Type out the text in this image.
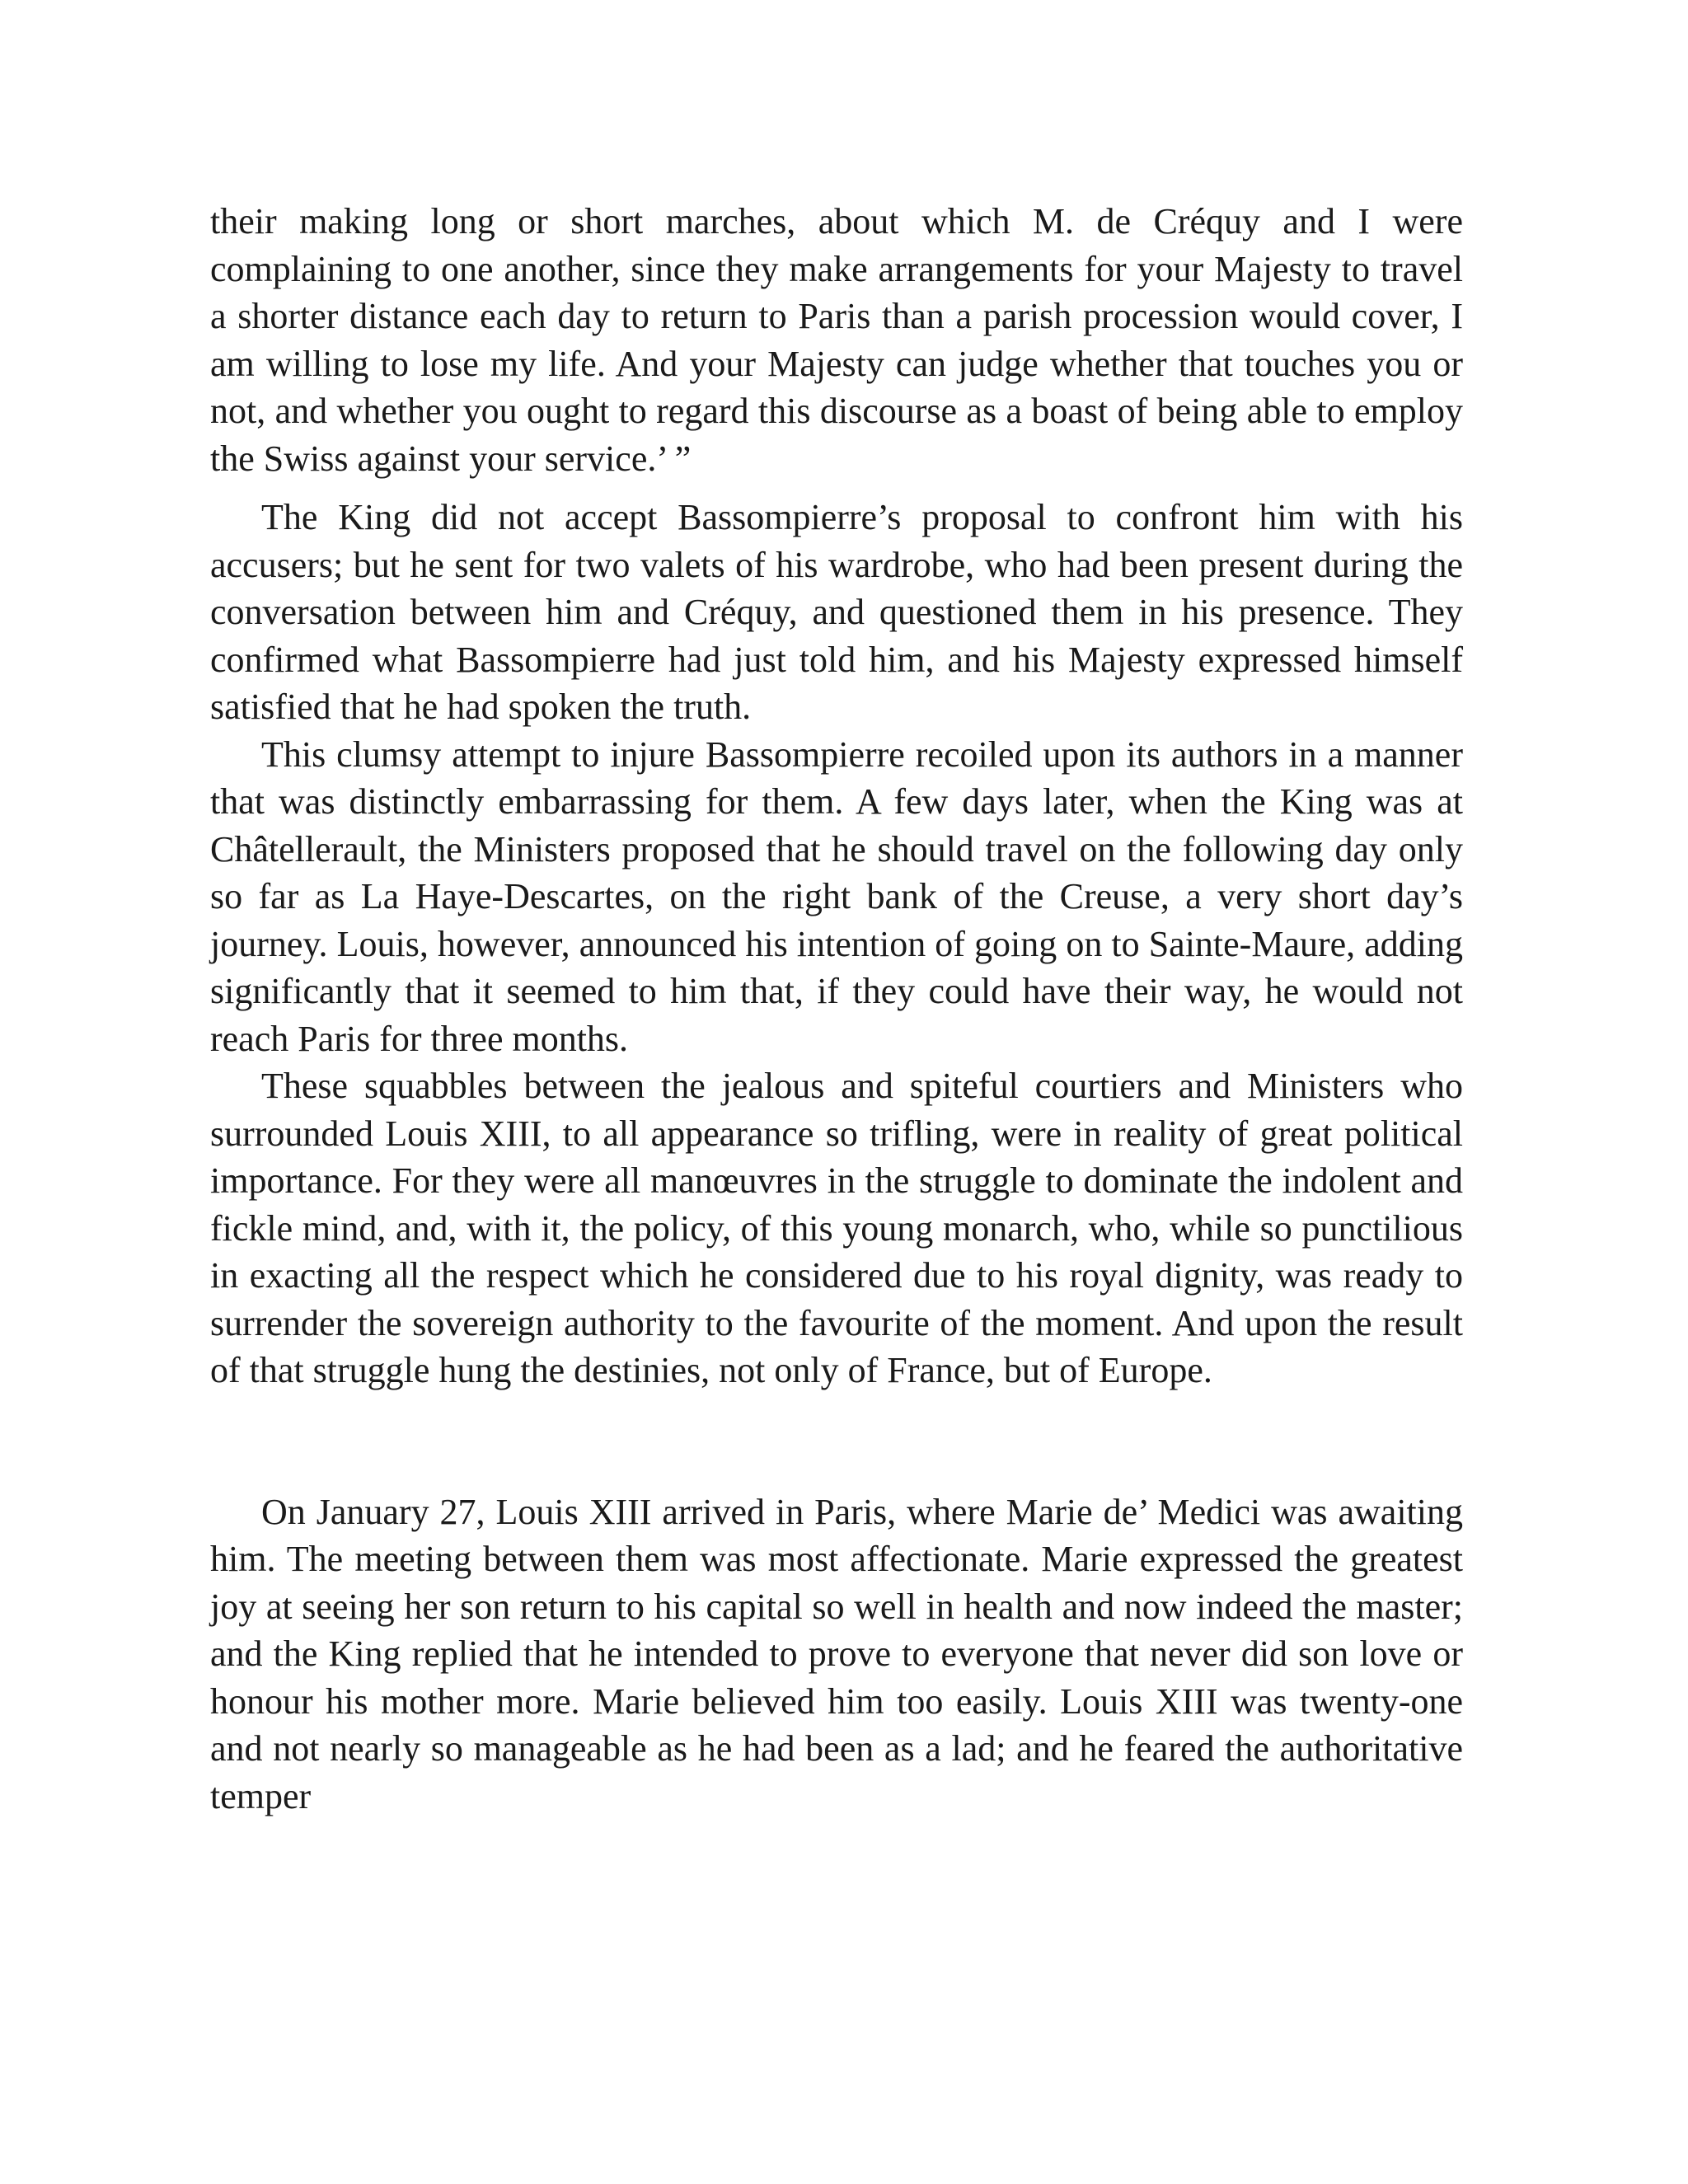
their making long or short marches, about which M. de Créquy and I were complaining to one another, since they make arrangements for your Majesty to travel a shorter distance each day to return to Paris than a parish procession would cover, I am willing to lose my life. And your Majesty can judge whether that touches you or not, and whether you ought to regard this discourse as a boast of being able to employ the Swiss against your service.’ ”

The King did not accept Bassompierre’s proposal to confront him with his accusers; but he sent for two valets of his wardrobe, who had been present during the conversation between him and Créquy, and questioned them in his presence. They confirmed what Bassompierre had just told him, and his Majesty expressed himself satisfied that he had spoken the truth.

This clumsy attempt to injure Bassompierre recoiled upon its authors in a manner that was distinctly embarrassing for them. A few days later, when the King was at Châtellerault, the Ministers proposed that he should travel on the following day only so far as La Haye-Descartes, on the right bank of the Creuse, a very short day’s journey. Louis, however, announced his intention of going on to Sainte-Maure, adding significantly that it seemed to him that, if they could have their way, he would not reach Paris for three months.

These squabbles between the jealous and spiteful courtiers and Ministers who surrounded Louis XIII, to all appearance so trifling, were in reality of great political importance. For they were all manœuvres in the struggle to dominate the indolent and fickle mind, and, with it, the policy, of this young monarch, who, while so punctilious in exacting all the respect which he considered due to his royal dignity, was ready to surrender the sovereign authority to the favourite of the moment. And upon the result of that struggle hung the destinies, not only of France, but of Europe.

On January 27, Louis XIII arrived in Paris, where Marie de’ Medici was awaiting him. The meeting between them was most affectionate. Marie expressed the greatest joy at seeing her son return to his capital so well in health and now indeed the master; and the King replied that he intended to prove to everyone that never did son love or honour his mother more. Marie believed him too easily. Louis XIII was twenty-one and not nearly so manageable as he had been as a lad; and he feared the authoritative temper
